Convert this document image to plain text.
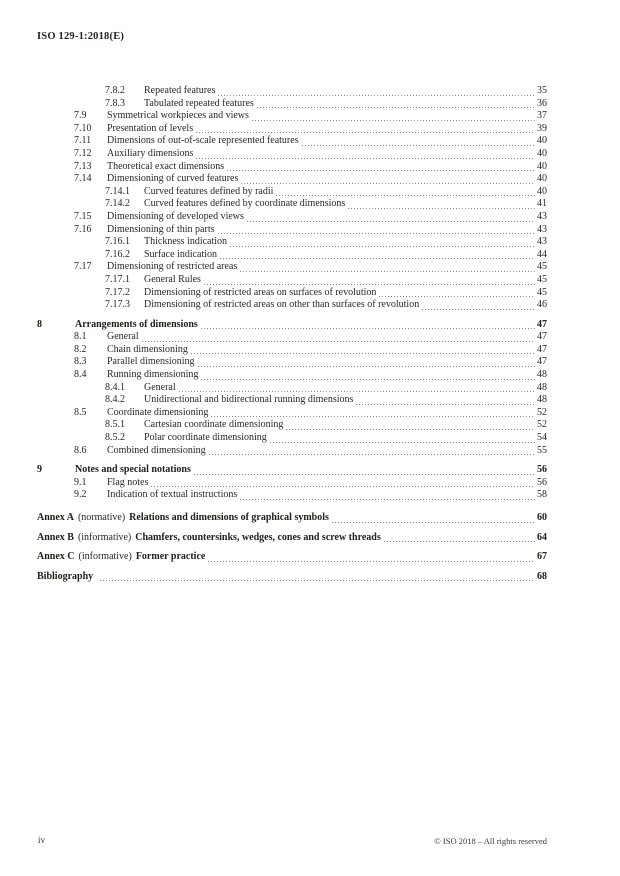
ISO 129-1:2018(E)
7.8.2	Repeated features	35
7.8.3	Tabulated repeated features	36
7.9	Symmetrical workpieces and views	37
7.10	Presentation of levels	39
7.11	Dimensions of out-of-scale represented features	40
7.12	Auxiliary dimensions	40
7.13	Theoretical exact dimensions	40
7.14	Dimensioning of curved features	40
7.14.1	Curved features defined by radii	40
7.14.2	Curved features defined by coordinate dimensions	41
7.15	Dimensioning of developed views	43
7.16	Dimensioning of thin parts	43
7.16.1	Thickness indication	43
7.16.2	Surface indication	44
7.17	Dimensioning of restricted areas	45
7.17.1	General Rules	45
7.17.2	Dimensioning of restricted areas on surfaces of revolution	45
7.17.3	Dimensioning of restricted areas on other than surfaces of revolution	46
8	Arrangements of dimensions	47
8.1	General	47
8.2	Chain dimensioning	47
8.3	Parallel dimensioning	47
8.4	Running dimensioning	48
8.4.1	General	48
8.4.2	Unidirectional and bidirectional running dimensions	48
8.5	Coordinate dimensioning	52
8.5.1	Cartesian coordinate dimensioning	52
8.5.2	Polar coordinate dimensioning	54
8.6	Combined dimensioning	55
9	Notes and special notations	56
9.1	Flag notes	56
9.2	Indication of textual instructions	58
Annex A (normative) Relations and dimensions of graphical symbols	60
Annex B (informative) Chamfers, countersinks, wedges, cones and screw threads	64
Annex C (informative) Former practice	67
Bibliography	68
iv	© ISO 2018 – All rights reserved
